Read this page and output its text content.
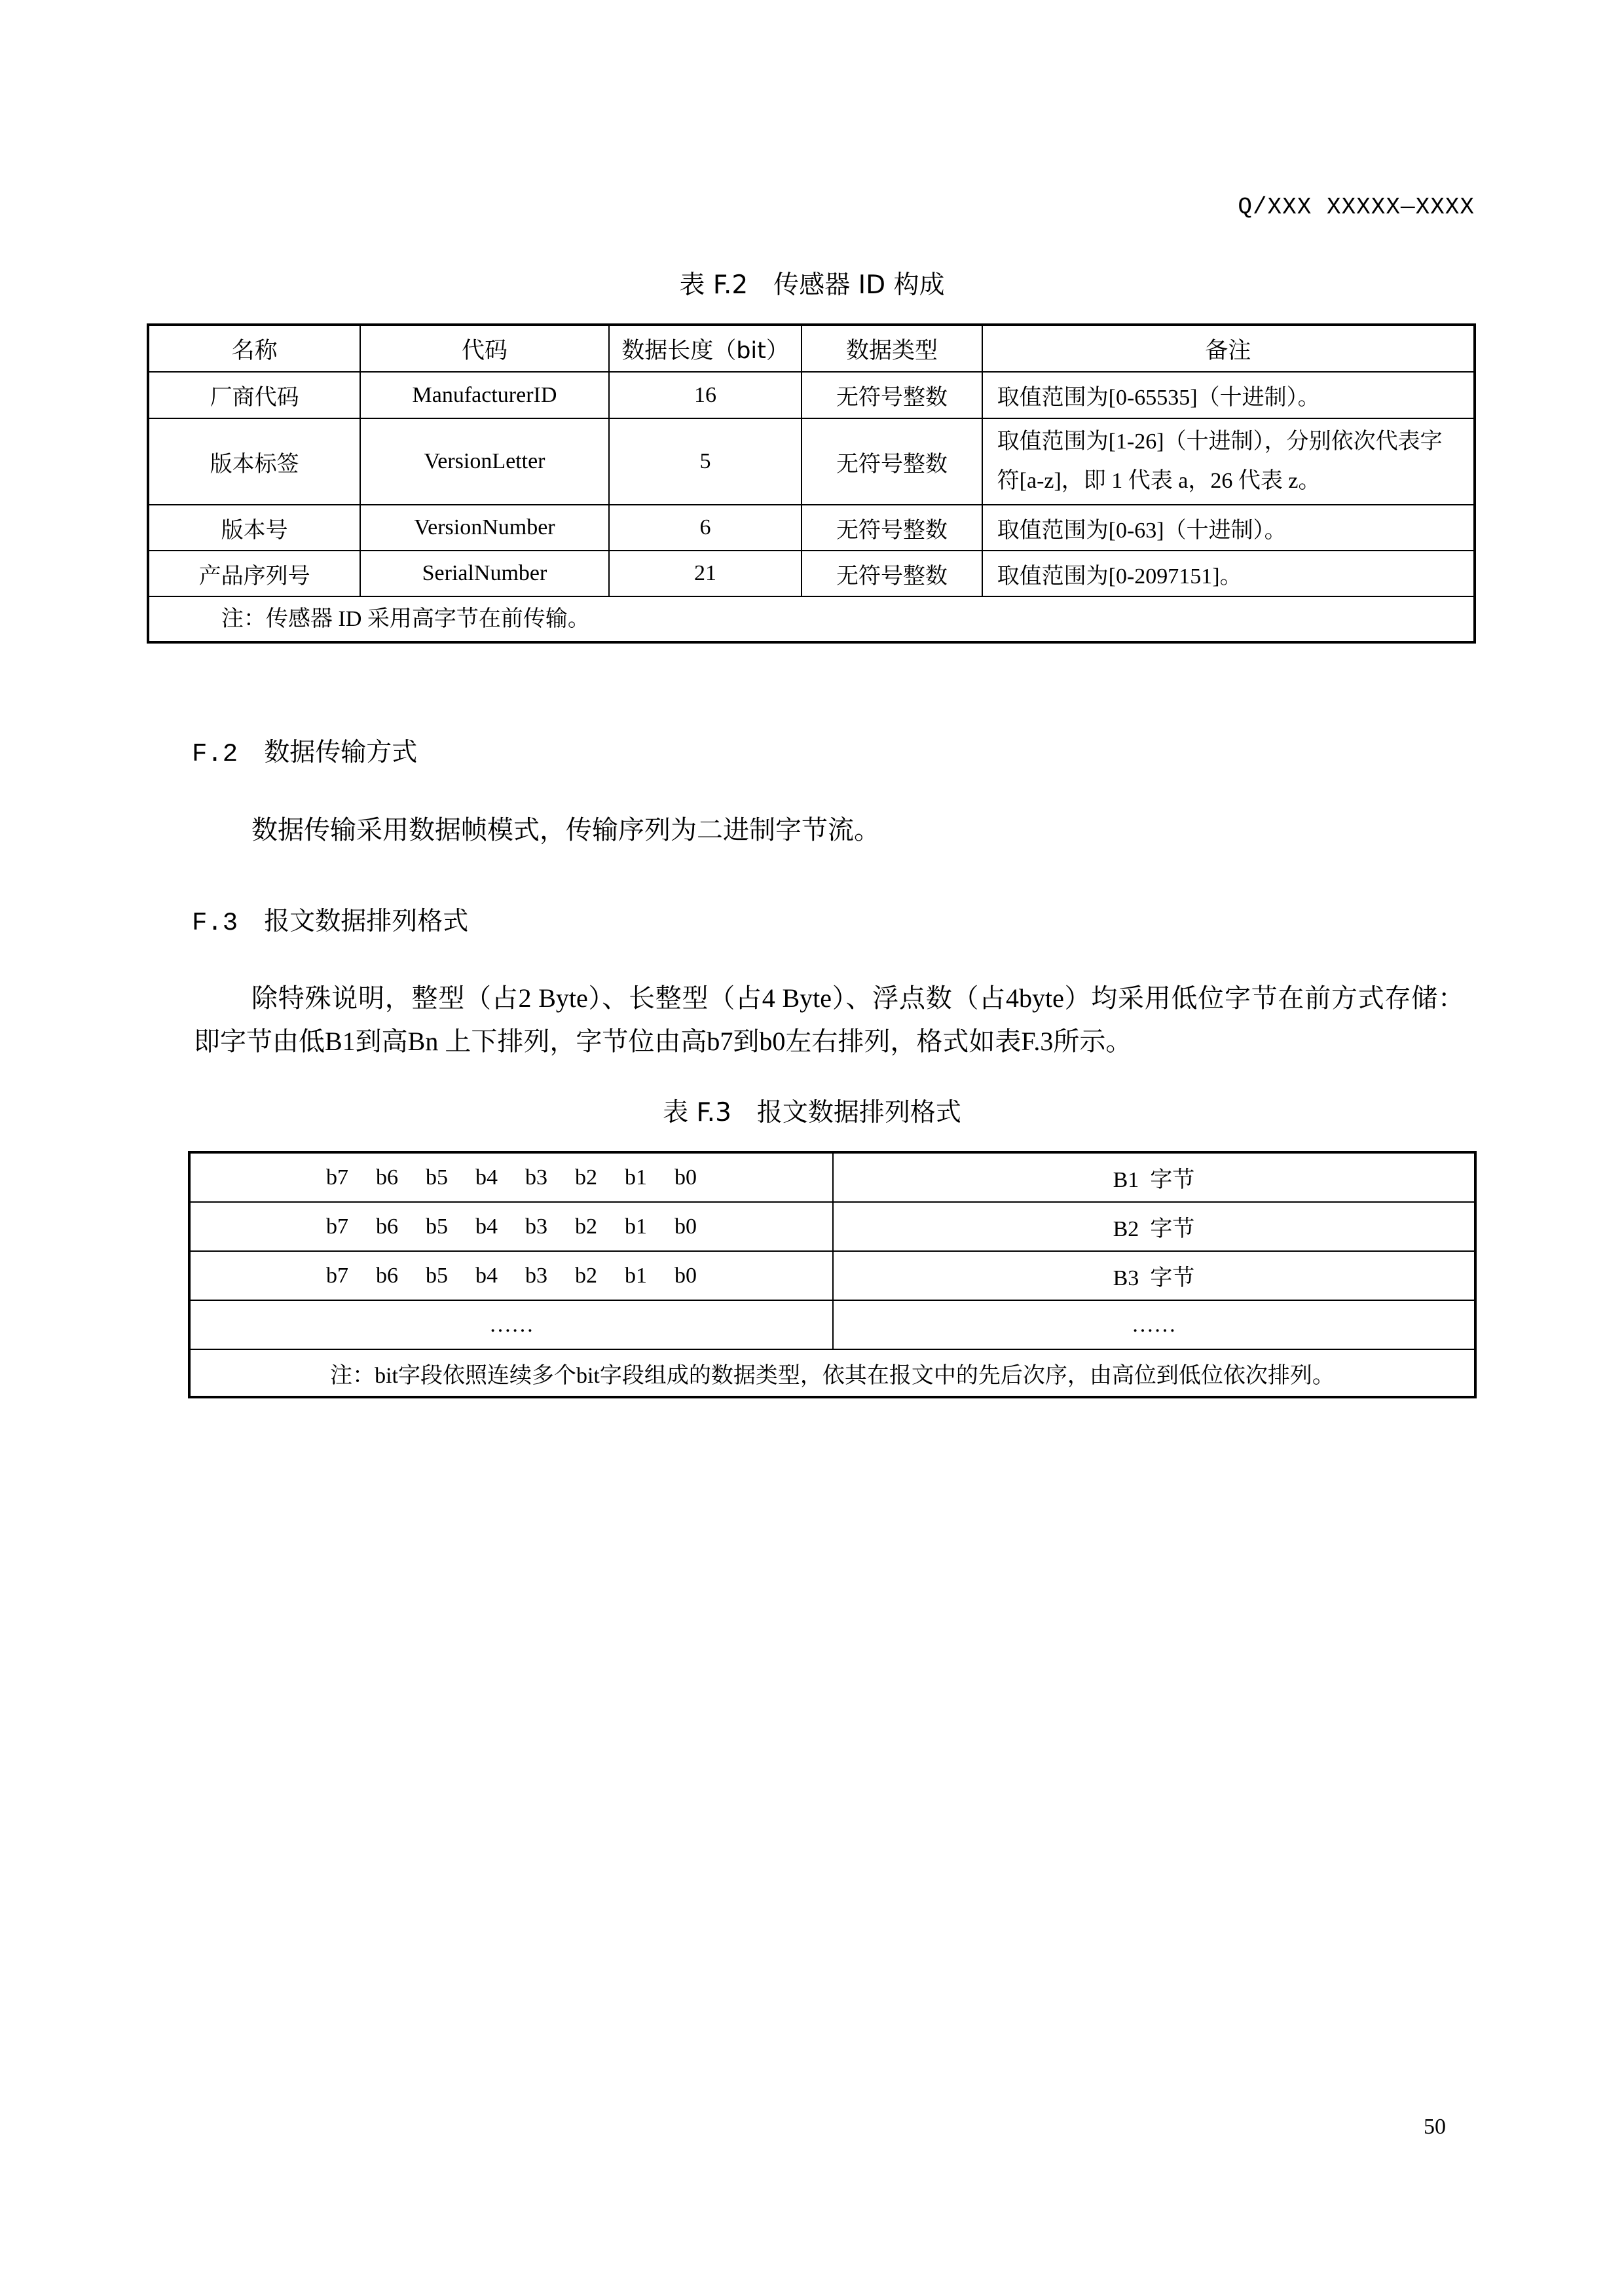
Q/XXX XXXXX—XXXX
表 F.2　传感器 ID 构成
名称	代码	数据长度（bit）	数据类型	备注
厂商代码	ManufacturerID	16	无符号整数	取值范围为[0-65535]（十进制）。
版本标签	VersionLetter	5	无符号整数	取值范围为[1-26]（十进制），分别依次代表字符[a-z]，即 1 代表 a，26 代表 z。
版本号	VersionNumber	6	无符号整数	取值范围为[0-63]（十进制）。
产品序列号	SerialNumber	21	无符号整数	取值范围为[0-2097151]。
注：传感器 ID 采用高字节在前传输。				
F.2 数据传输方式
数据传输采用数据帧模式，传输序列为二进制字节流。
F.3 报文数据排列格式
除特殊说明，整型（占2 Byte）、长整型（占4 Byte）、浮点数（占4byte）均采用低位字节在前方式存储：即字节由低B1到高Bn 上下排列，字节位由高b7到b0左右排列，格式如表F.3所示。
表 F.3　报文数据排列格式
b7 b6 b5 b4 b3 b2 b1 b0	B1  字节
b7 b6 b5 b4 b3 b2 b1 b0	B2  字节
b7 b6 b5 b4 b3 b2 b1 b0	B3  字节
……	……
注：bit字段依照连续多个bit字段组成的数据类型，依其在报文中的先后次序，由高位到低位依次排列。	
50
